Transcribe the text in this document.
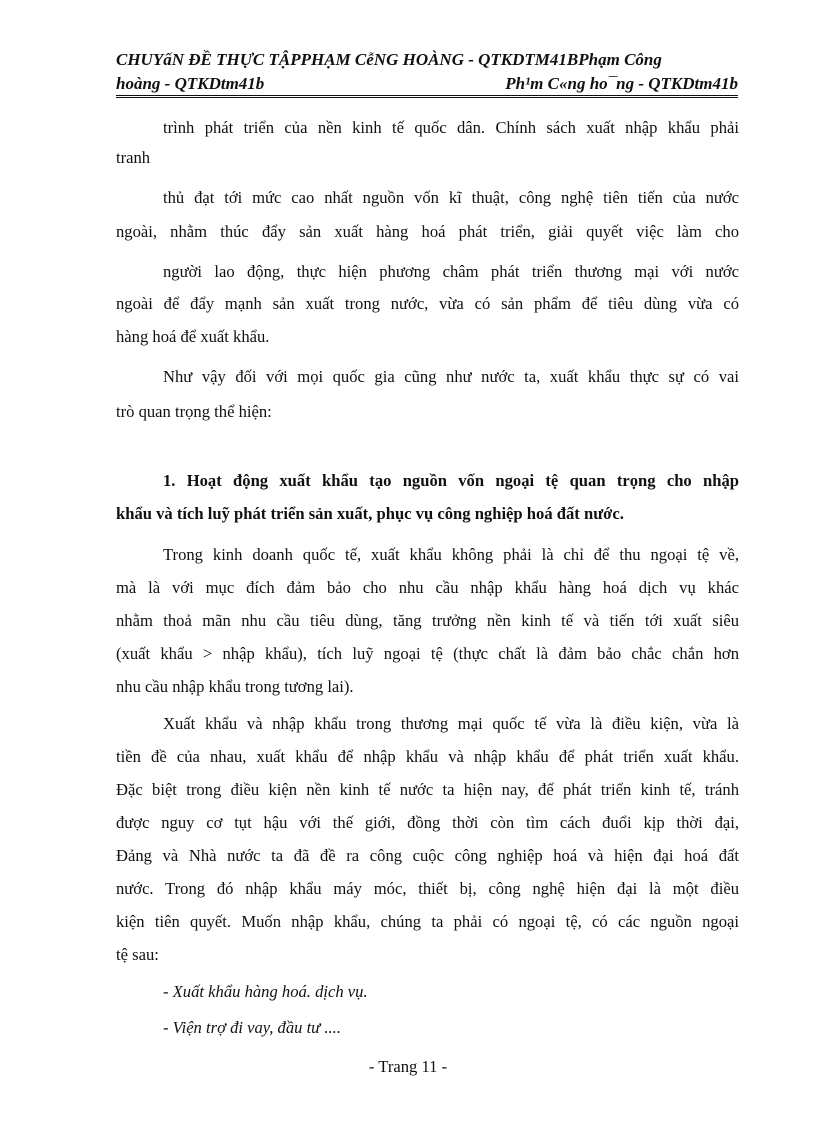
CHUYấN ĐỀ THỰC TẬPPHẠM CễNG HOÀNG - QTKDTM41BPhạm Công
hoàng - QTKDtm41b	Ph¹m C«ng ho¯ng - QTKDtm41b
trình phát triển của nền kinh tế quốc dân. Chính sách xuất nhập khẩu phải
tranh
thủ đạt tới mức cao nhất nguồn vốn kĩ thuật, công nghệ tiên tiến của nước
ngoài, nhằm thúc đẩy sản xuất hàng hoá phát triển, giải quyết việc làm cho
người lao động, thực hiện phương châm phát triển thương mại với nước
ngoài để đẩy mạnh sản xuất trong nước, vừa có sản phẩm để tiêu dùng vừa có
hàng hoá để xuất khẩu.
Như vậy đối với mọi quốc gia cũng như nước ta, xuất khẩu thực sự có vai
trò quan trọng thể hiện:
1. Hoạt động xuất khẩu tạo nguồn vốn ngoại tệ quan trọng cho nhập
khẩu và tích luỹ phát triển sản xuất, phục vụ công nghiệp hoá đất nước.
Trong kinh doanh quốc tế, xuất khẩu không phải là chỉ để thu ngoại tệ về,
mà là với mục đích đảm bảo cho nhu cầu nhập khẩu hàng hoá dịch vụ khác
nhằm thoả mãn nhu cầu tiêu dùng, tăng trưởng nền kinh tế và tiến tới xuất siêu
(xuất khẩu > nhập khẩu), tích luỹ ngoại tệ (thực chất là đảm bảo chắc chắn hơn
nhu cầu nhập khẩu trong tương lai).
Xuất khẩu và nhập khẩu trong thương mại quốc tế vừa là điều kiện, vừa là
tiền đề của nhau, xuất khẩu để nhập khẩu và nhập khẩu để phát triển xuất khẩu.
Đặc biệt trong điều kiện nền kinh tế nước ta hiện nay, để phát triển kinh tế, tránh
được nguy cơ tụt hậu với thế giới, đồng thời còn tìm cách đuổi kịp thời đại,
Đảng và Nhà nước ta đã đề ra công cuộc công nghiệp hoá và hiện đại hoá đất
nước. Trong đó nhập khẩu máy móc, thiết bị, công nghệ hiện đại là một điều
kiện tiên quyết. Muốn nhập khẩu, chúng ta phải có ngoại tệ, có các nguồn ngoại
tệ sau:
- Xuất khẩu hàng hoá. dịch vụ.
- Viện trợ đi vay, đầu tư ....
- Trang 11 -
